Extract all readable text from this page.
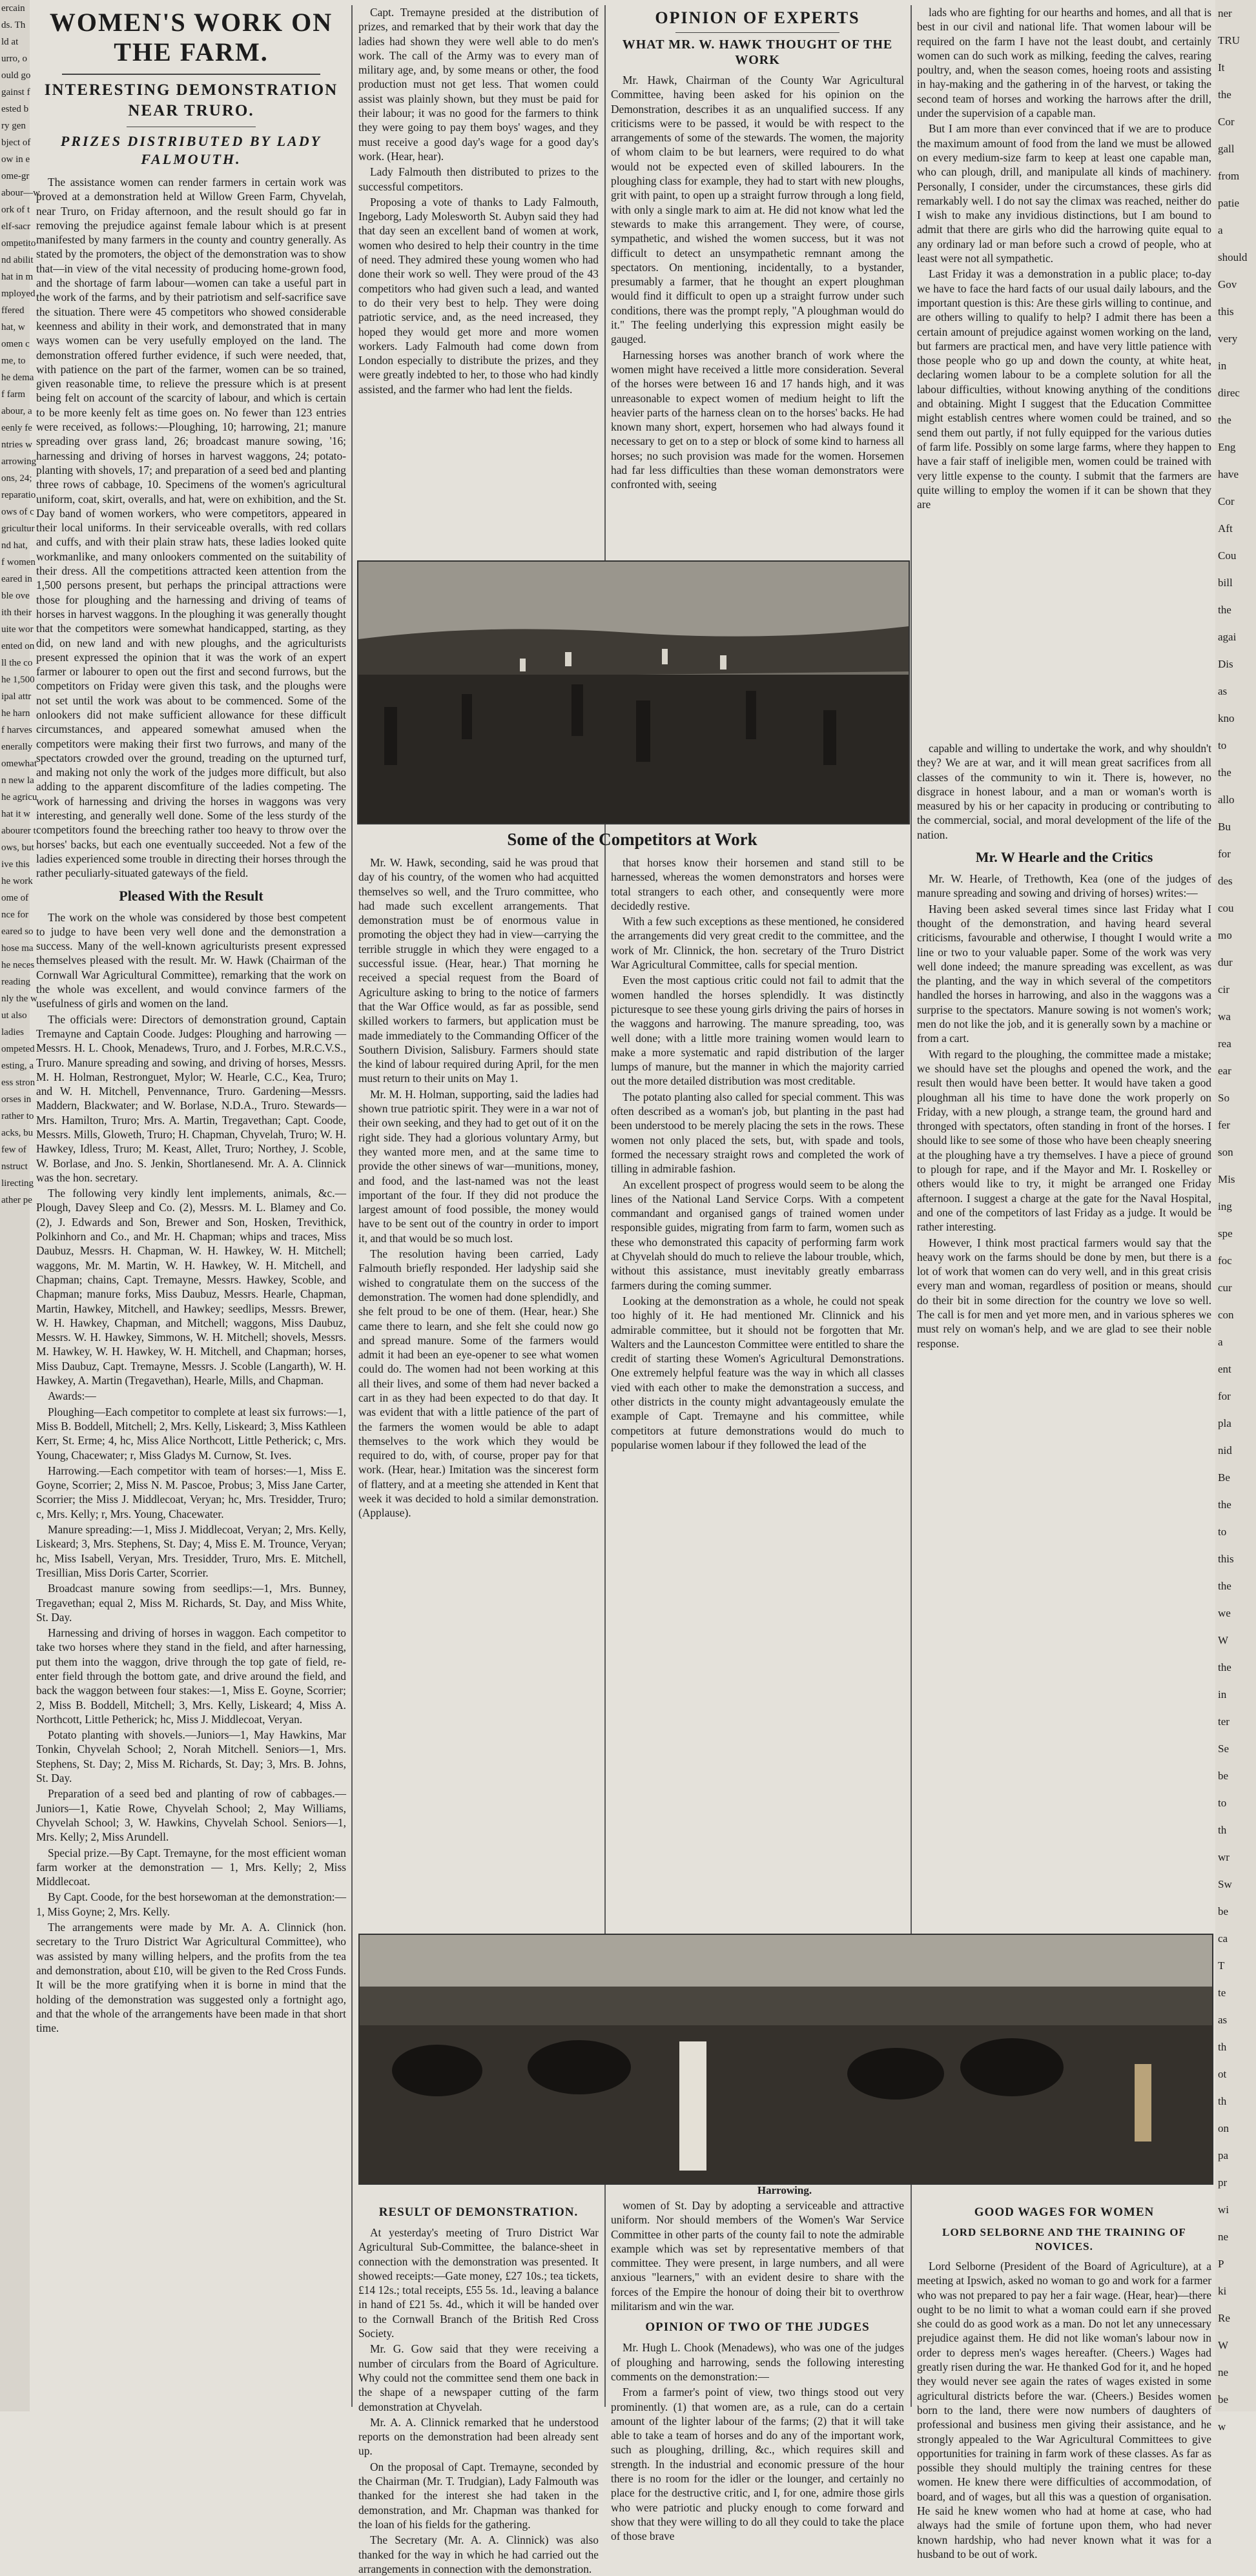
ercain
ds. Th
ld at
urro, o
ould go
gainst f
ested b
ry gen
bject of
ow in e
ome-gr
abour—w
ork of t
elf-sacr
ompetito
nd abilit
hat in m
mployed
ffered
hat, w
omen c
me, to
he dema
f farm
abour, a
eenly fe
ntries w
arrowing
ons, 24;
reparatio
ows of c
gricultur
nd hat,
f women
eared in
ble ove
ith their
uite wor
ented on
ll the co
he 1,500
ipal attr
he harn
f harves
enerally
omewhat
n new la
he agricu
hat it w
abourer t
ows, but
ive this
he work
ome of
nce for
eared so
hose ma
he neces
reading
nly the w
ut also
ladies
ompeted
esting, a
ess stron
orses in
rather to
acks, bu
few of
nstruct
lirecting
ather pe
ner
TRU
It
the
Cor
gall
from
patie
a
should
Gov
this
very
in
direc
the
Eng
have
Cor
Aft
Cou
bill
the
agai
Dis
as
kno
to
the
allo
Bu
for
des
cou
mo
dur
cir
wa
rea
ear
So
fer
son
Mis
ing
spe
foc
cur
con
a
ent
for
pla
nid
Be
the
to
this
the
we
W
the
in
ter
Se
be
to
th
wr
Sw
be
ca
T
te
as
th
ot
th
on
pa
pr
wi
ne
P
ki
Re
W
ne
be
w
WOMEN'S WORK ON THE FARM.
INTERESTING DEMONSTRATION NEAR TRURO.
PRIZES DISTRIBUTED BY LADY FALMOUTH.

The assistance women can render farmers in certain work was proved at a demonstration held at Willow Green Farm, Chyvelah, near Truro, on Friday afternoon, and the result should go far in removing the prejudice against female labour which is at present manifested by many farmers in the county and country generally. As stated by the promoters, the object of the demonstration was to show that—in view of the vital necessity of producing home-grown food, and the shortage of farm labour—women can take a useful part in the work of the farms, and by their patriotism and self-sacrifice save the situation. There were 45 competitors who showed considerable keenness and ability in their work, and demonstrated that in many ways women can be very usefully employed on the land. The demonstration offered further evidence, if such were needed, that, with patience on the part of the farmer, women can be so trained, given reasonable time, to relieve the pressure which is at present being felt on account of the scarcity of labour, and which is certain to be more keenly felt as time goes on. No fewer than 123 entries were received, as follows:—Ploughing, 10; harrowing, 21; manure spreading over grass land, 26; broadcast manure sowing, '16; harnessing and driving of horses in harvest waggons, 24; potato-planting with shovels, 17; and preparation of a seed bed and planting three rows of cabbage, 10. Specimens of the women's agricultural uniform, coat, skirt, overalls, and hat, were on exhibition, and the St. Day band of women workers, who were competitors, appeared in their local uniforms. In their serviceable overalls, with red collars and cuffs, and with their plain straw hats, these ladies looked quite workmanlike, and many onlookers commented on the suitability of their dress. All the competitions attracted keen attention from the 1,500 persons present, but perhaps the principal attractions were those for ploughing and the harnessing and driving of teams of horses in harvest waggons. In the ploughing it was generally thought that the competitors were somewhat handicapped, starting, as they did, on new land and with new ploughs, and the agriculturists present expressed the opinion that it was the work of an expert farmer or labourer to open out the first and second furrows, but the competitors on Friday were given this task, and the ploughs were not set until the work was about to be commenced. Some of the onlookers did not make sufficient allowance for these difficult circumstances, and appeared somewhat amused when the competitors were making their first two furrows, and many of the spectators crowded over the ground, treading on the upturned turf, and making not only the work of the judges more difficult, but also adding to the apparent discomfiture of the ladies competing. The work of harnessing and driving the horses in waggons was very interesting, and generally well done. Some of the less sturdy of the competitors found the breeching rather too heavy to throw over the horses' backs, but each one eventually succeeded. Not a few of the ladies experienced some trouble in directing their horses through the rather peculiarly-situated gateways of the field.

Pleased With the Result

The work on the whole was considered by those best competent to judge to have been very well done and the demonstration a success. Many of the well-known agriculturists present expressed themselves pleased with the result. Mr. W. Hawk (Chairman of the Cornwall War Agricultural Committee), remarking that the work on the whole was excellent, and would convince farmers of the usefulness of girls and women on the land.

The officials were: Directors of demonstration ground, Captain Tremayne and Captain Coode. Judges: Ploughing and harrowing — Messrs. H. L. Chook, Menadews, Truro, and J. Forbes, M.R.C.V.S., Truro. Manure spreading and sowing, and driving of horses, Messrs. M. H. Holman, Restronguet, Mylor; W. Hearle, C.C., Kea, Truro; and W. H. Mitchell, Penvennance, Truro. Gardening—Messrs. Maddern, Blackwater; and W. Borlase, N.D.A., Truro. Stewards—Mrs. Hamilton, Truro; Mrs. A. Martin, Tregavethan; Capt. Coode, Messrs. Mills, Gloweth, Truro; H. Chapman, Chyvelah, Truro; W. H. Hawkey, Idless, Truro; M. Keast, Allet, Truro; Northey, J. Scoble, W. Borlase, and Jno. S. Jenkin, Shortlanesend. Mr. A. A. Clinnick was the hon. secretary.

The following very kindly lent implements, animals, &c.—Plough, Davey Sleep and Co. (2), Messrs. M. L. Blamey and Co. (2), J. Edwards and Son, Brewer and Son, Hosken, Trevithick, Polkinhorn and Co., and Mr. H. Chapman; whips and traces, Miss Daubuz, Messrs. H. Chapman, W. H. Hawkey, W. H. Mitchell; waggons, Mr. M. Martin, W. H. Hawkey, W. H. Mitchell, and Chapman; chains, Capt. Tremayne, Messrs. Hawkey, Scoble, and Chapman; manure forks, Miss Daubuz, Messrs. Hearle, Chapman, Martin, Hawkey, Mitchell, and Hawkey; seedlips, Messrs. Brewer, W. H. Hawkey, Chapman, and Mitchell; waggons, Miss Daubuz, Messrs. W. H. Hawkey, Simmons, W. H. Mitchell; shovels, Messrs. M. Hawkey, W. H. Hawkey, W. H. Mitchell, and Chapman; horses, Miss Daubuz, Capt. Tremayne, Messrs. J. Scoble (Langarth), W. H. Hawkey, A. Martin (Tregavethan), Hearle, Mills, and Chapman.

Awards:—

Ploughing—Each competitor to complete at least six furrows:—1, Miss B. Boddell, Mitchell; 2, Mrs. Kelly, Liskeard; 3, Miss Kathleen Kerr, St. Erme; 4, hc, Miss Alice Northcott, Little Petherick; c, Mrs. Young, Chacewater; r, Miss Gladys M. Curnow, St. Ives.

Harrowing.—Each competitor with team of horses:—1, Miss E. Goyne, Scorrier; 2, Miss N. M. Pascoe, Probus; 3, Miss Jane Carter, Scorrier; the Miss J. Middlecoat, Veryan; hc, Mrs. Tresidder, Truro; c, Mrs. Kelly; r, Mrs. Young, Chacewater.

Manure spreading:—1, Miss J. Middlecoat, Veryan; 2, Mrs. Kelly, Liskeard; 3, Mrs. Stephens, St. Day; 4, Miss E. M. Trounce, Veryan; hc, Miss Isabell, Veryan, Mrs. Tresidder, Truro, Mrs. E. Mitchell, Tresillian, Miss Doris Carter, Scorrier.

Broadcast manure sowing from seedlips:—1, Mrs. Bunney, Tregavethan; equal 2, Miss M. Richards, St. Day, and Miss White, St. Day.

Harnessing and driving of horses in waggon. Each competitor to take two horses where they stand in the field, and after harnessing, put them into the waggon, drive through the top gate of field, re-enter field through the bottom gate, and drive around the field, and back the waggon between four stakes:—1, Miss E. Goyne, Scorrier; 2, Miss B. Boddell, Mitchell; 3, Mrs. Kelly, Liskeard; 4, Miss A. Northcott, Little Petherick; hc, Miss J. Middlecoat, Veryan.

Potato planting with shovels.—Juniors—1, May Hawkins, Mar Tonkin, Chyvelah School; 2, Norah Mitchell. Seniors—1, Mrs. Stephens, St. Day; 2, Miss M. Richards, St. Day; 3, Mrs. B. Johns, St. Day.

Preparation of a seed bed and planting of row of cabbages.—Juniors—1, Katie Rowe, Chyvelah School; 2, May Williams, Chyvelah School; 3, W. Hawkins, Chyvelah School. Seniors—1, Mrs. Kelly; 2, Miss Arundell.

Special prize.—By Capt. Tremayne, for the most efficient woman farm worker at the demonstration — 1, Mrs. Kelly; 2, Miss Middlecoat.

By Capt. Coode, for the best horsewoman at the demonstration:—1, Miss Goyne; 2, Mrs. Kelly.

The arrangements were made by Mr. A. A. Clinnick (hon. secretary to the Truro District War Agricultural Committee), who was assisted by many willing helpers, and the profits from the tea and demonstration, about £10, will be given to the Red Cross Funds. It will be the more gratifying when it is borne in mind that the holding of the demonstration was suggested only a fortnight ago, and that the whole of the arrangements have been made in that short time.

Capt. Tremayne presided at the distribution of prizes, and remarked that by their work that day the ladies had shown they were well able to do men's work. The call of the Army was to every man of military age, and, by some means or other, the food production must not get less. That women could assist was plainly shown, but they must be paid for their labour; it was no good for the farmers to think they were going to pay them boys' wages, and they must receive a good day's wage for a good day's work. (Hear, hear).

Lady Falmouth then distributed to prizes to the successful competitors.

Proposing a vote of thanks to Lady Falmouth, Ingeborg, Lady Molesworth St. Aubyn said they had that day seen an excellent band of women at work, women who desired to help their country in the time of need. They admired these young women who had done their work so well. They were proud of the 43 competitors who had given such a lead, and wanted to do their very best to help. They were doing patriotic service, and, as the need increased, they hoped they would get more and more women workers. Lady Falmouth had come down from London especially to distribute the prizes, and they were greatly indebted to her, to those who had kindly assisted, and the farmer who had lent the fields.

OPINION OF EXPERTS
WHAT MR. W. HAWK THOUGHT OF THE WORK

Mr. Hawk, Chairman of the County War Agricultural Committee, having been asked for his opinion on the Demonstration, describes it as an unqualified success. If any criticisms were to be passed, it would be with respect to the arrangements of some of the stewards. The women, the majority of whom claim to be but learners, were required to do what would not be expected even of skilled labourers. In the ploughing class for example, they had to start with new ploughs, grit with paint, to open up a straight furrow through a long field, with only a single mark to aim at. He did not know what led the stewards to make this arrangement. They were, of course, sympathetic, and wished the women success, but it was not difficult to detect an unsympathetic remnant among the spectators. On mentioning, incidentally, to a bystander, presumably a farmer, that he thought an expert ploughman would find it difficult to open up a straight furrow under such conditions, there was the prompt reply, "A ploughman would do it." The feeling underlying this expression might easily be gauged.

Harnessing horses was another branch of work where the women might have received a little more consideration. Several of the horses were between 16 and 17 hands high, and it was unreasonable to expect women of medium height to lift the heavier parts of the harness clean on to the horses' backs. He had known many short, expert, horsemen who had always found it necessary to get on to a step or block of some kind to harness all horses; no such provision was made for the women. Horsemen had far less difficulties than these woman demonstrators were confronted with, seeing

lads who are fighting for our hearths and homes, and all that is best in our civil and national life. That women labour will be required on the farm I have not the least doubt, and certainly women can do such work as milking, feeding the calves, rearing poultry, and, when the season comes, hoeing roots and assisting in hay-making and the gathering in of the harvest, or taking the second team of horses and working the harrows after the drill, under the supervision of a capable man.

But I am more than ever convinced that if we are to produce the maximum amount of food from the land we must be allowed on every medium-size farm to keep at least one capable man, who can plough, drill, and manipulate all kinds of machinery. Personally, I consider, under the circumstances, these girls did remarkably well. I do not say the climax was reached, neither do I wish to make any invidious distinctions, but I am bound to admit that there are girls who did the harrowing quite equal to any ordinary lad or man before such a crowd of people, who at least were not all sympathetic.

Last Friday it was a demonstration in a public place; to-day we have to face the hard facts of our usual daily labours, and the important question is this: Are these girls willing to continue, and are others willing to qualify to help? I admit there has been a certain amount of prejudice against women working on the land, but farmers are practical men, and have very little patience with those people who go up and down the county, at white heat, declaring women labour to be a complete solution for all the labour difficulties, without knowing anything of the conditions and obtaining. Might I suggest that the Education Committee might establish centres where women could be trained, and so send them out partly, if not fully equipped for the various duties of farm life. Possibly on some large farms, where they happen to have a fair staff of ineligible men, women could be trained with very little expense to the county. I submit that the farmers are quite willing to employ the women if it can be shown that they are

Some of the Competitors at Work

Mr. W. Hawk, seconding, said he was proud that day of his country, of the women who had acquitted themselves so well, and the Truro committee, who had made such excellent arrangements. That demonstration must be of enormous value in promoting the object they had in view—carrying the terrible struggle in which they were engaged to a successful issue. (Hear, hear.) That morning he received a special request from the Board of Agriculture asking to bring to the notice of farmers that the War Office would, as far as possible, send skilled workers to farmers, but application must be made immediately to the Commanding Officer of the Southern Division, Salisbury. Farmers should state the kind of labour required during April, for the men must return to their units on May 1.

Mr. M. H. Holman, supporting, said the ladies had shown true patriotic spirit. They were in a war not of their own seeking, and they had to get out of it on the right side. They had a glorious voluntary Army, but they wanted more men, and at the same time to provide the other sinews of war—munitions, money, and food, and the last-named was not the least important of the four. If they did not produce the largest amount of food possible, the money would have to be sent out of the country in order to import it, and that would be so much lost.

The resolution having been carried, Lady Falmouth briefly responded. Her ladyship said she wished to congratulate them on the success of the demonstration. The women had done splendidly, and she felt proud to be one of them. (Hear, hear.) She came there to learn, and she felt she could now go and spread manure. Some of the farmers would admit it had been an eye-opener to see what women could do. The women had not been working at this all their lives, and some of them had never backed a cart in as they had been expected to do that day. It was evident that with a little patience of the part of the farmers the women would be able to adapt themselves to the work which they would be required to do, with, of course, proper pay for that work. (Hear, hear.) Imitation was the sincerest form of flattery, and at a meeting she attended in Kent that week it was decided to hold a similar demonstration. (Applause).

that horses know their horsemen and stand still to be harnessed, whereas the women demonstrators and horses were total strangers to each other, and consequently were more decidedly restive.

With a few such exceptions as these mentioned, he considered the arrangements did very great credit to the committee, and the work of Mr. Clinnick, the hon. secretary of the Truro District War Agricultural Committee, calls for special mention.

Even the most captious critic could not fail to admit that the women handled the horses splendidly. It was distinctly picturesque to see these young girls driving the pairs of horses in the waggons and harrowing. The manure spreading, too, was well done; with a little more training women would learn to make a more systematic and rapid distribution of the larger lumps of manure, but the manner in which the majority carried out the more detailed distribution was most creditable.

The potato planting also called for special comment. This was often described as a woman's job, but planting in the past had been understood to be merely placing the sets in the rows. These women not only placed the sets, but, with spade and tools, formed the necessary straight rows and completed the work of tilling in admirable fashion.

An excellent prospect of progress would seem to be along the lines of the National Land Service Corps. With a competent commandant and organised gangs of trained women under responsible guides, migrating from farm to farm, women such as these who demonstrated this capacity of performing farm work at Chyvelah should do much to relieve the labour trouble, which, without this assistance, must inevitably greatly embarrass farmers during the coming summer.

Looking at the demonstration as a whole, he could not speak too highly of it. He had mentioned Mr. Clinnick and his admirable committee, but it should not be forgotten that Mr. Walters and the Launceston Committee were entitled to share the credit of starting these Women's Agricultural Demonstrations. One extremely helpful feature was the way in which all classes vied with each other to make the demonstration a success, and other districts in the county might advantageously emulate the example of Capt. Tremayne and his committee, while competitors at future demonstrations would do much to popularise women labour if they followed the lead of the

capable and willing to undertake the work, and why shouldn't they? We are at war, and it will mean great sacrifices from all classes of the community to win it. There is, however, no disgrace in honest labour, and a man or woman's worth is measured by his or her capacity in producing or contributing to the commercial, social, and moral development of the life of the nation.

Mr. W Hearle and the Critics

Mr. W. Hearle, of Trethowth, Kea (one of the judges of manure spreading and sowing and driving of horses) writes:—

Having been asked several times since last Friday what I thought of the demonstration, and having heard several criticisms, favourable and otherwise, I thought I would write a line or two to your valuable paper. Some of the work was very well done indeed; the manure spreading was excellent, as was the planting, and the way in which several of the competitors handled the horses in harrowing, and also in the waggons was a surprise to the spectators. Manure sowing is not women's work; men do not like the job, and it is generally sown by a machine or from a cart.

With regard to the ploughing, the committee made a mistake; we should have set the ploughs and opened the work, and the result then would have been better. It would have taken a good ploughman all his time to have done the work properly on Friday, with a new plough, a strange team, the ground hard and thronged with spectators, often standing in front of the horses. I should like to see some of those who have been cheaply sneering at the ploughing have a try themselves. I have a piece of ground to plough for rape, and if the Mayor and Mr. I. Roskelley or others would like to try, it might be arranged one Friday afternoon. I suggest a charge at the gate for the Naval Hospital, and one of the competitors of last Friday as a judge. It would be rather interesting.

However, I think most practical farmers would say that the heavy work on the farms should be done by men, but there is a lot of work that women can do very well, and in this great crisis every man and woman, regardless of position or means, should do their bit in some direction for the country we love so well. The call is for men and yet more men, and in various spheres we must rely on woman's help, and we are glad to see their noble response.

Harrowing.
RESULT OF DEMONSTRATION.

At yesterday's meeting of Truro District War Agricultural Sub-Committee, the balance-sheet in connection with the demonstration was presented. It showed receipts:—Gate money, £27 10s.; tea tickets, £14 12s.; total receipts, £55 5s. 1d., leaving a balance in hand of £21 5s. 4d., which it will be handed over to the Cornwall Branch of the British Red Cross Society.

Mr. G. Gow said that they were receiving a number of circulars from the Board of Agriculture. Why could not the committee send them one back in the shape of a newspaper cutting of the farm demonstration at Chyvelah.

Mr. A. A. Clinnick remarked that he understood reports on the demonstration had been already sent up.

On the proposal of Capt. Tremayne, seconded by the Chairman (Mr. T. Trudgian), Lady Falmouth was thanked for the interest she had taken in the demonstration, and Mr. Chapman was thanked for the loan of his fields for the gathering.

The Secretary (Mr. A. A. Clinnick) was also thanked for the way in which he had carried out the arrangements in connection with the demonstration.

women of St. Day by adopting a serviceable and attractive uniform. Nor should members of the Women's War Service Committee in other parts of the county fail to note the admirable example which was set by representative members of that committee. They were present, in large numbers, and all were anxious "learners," with an evident desire to share with the forces of the Empire the honour of doing their bit to overthrow militarism and win the war.

OPINION OF TWO OF THE JUDGES

Mr. Hugh L. Chook (Menadews), who was one of the judges of ploughing and harrowing, sends the following interesting comments on the demonstration:—

From a farmer's point of view, two things stood out very prominently. (1) that women are, as a rule, can do a certain amount of the lighter labour of the farms; (2) that it will take able to take a team of horses and do any of the important work, such as ploughing, drilling, &c., which requires skill and strength. In the industrial and economic pressure of the hour there is no room for the idler or the lounger, and certainly no place for the destructive critic, and I, for one, admire those girls who were patriotic and plucky enough to come forward and show that they were willing to do all they could to take the place of those brave

GOOD WAGES FOR WOMEN
LORD SELBORNE AND THE TRAINING OF NOVICES.

Lord Selborne (President of the Board of Agriculture), at a meeting at Ipswich, asked no woman to go and work for a farmer who was not prepared to pay her a fair wage. (Hear, hear)—there ought to be no limit to what a woman could earn if she proved she could do as good work as a man. Do not let any unnecessary prejudice against them. He did not like woman's labour now in order to depress men's wages hereafter. (Cheers.) Wages had greatly risen during the war. He thanked God for it, and he hoped they would never see again the rates of wages existed in some agricultural districts before the war. (Cheers.) Besides women born to the land, there were now numbers of daughters of professional and business men giving their assistance, and he strongly appealed to the War Agricultural Committees to give opportunities for training in farm work of these classes. As far as possible they should multiply the training centres for these women. He knew there were difficulties of accommodation, of board, and of wages, but all this was a question of organisation. He said he knew women who had at home at case, who had always had the smile of fortune upon them, who had never known hardship, who had never known what it was for a husband to be out of work.
